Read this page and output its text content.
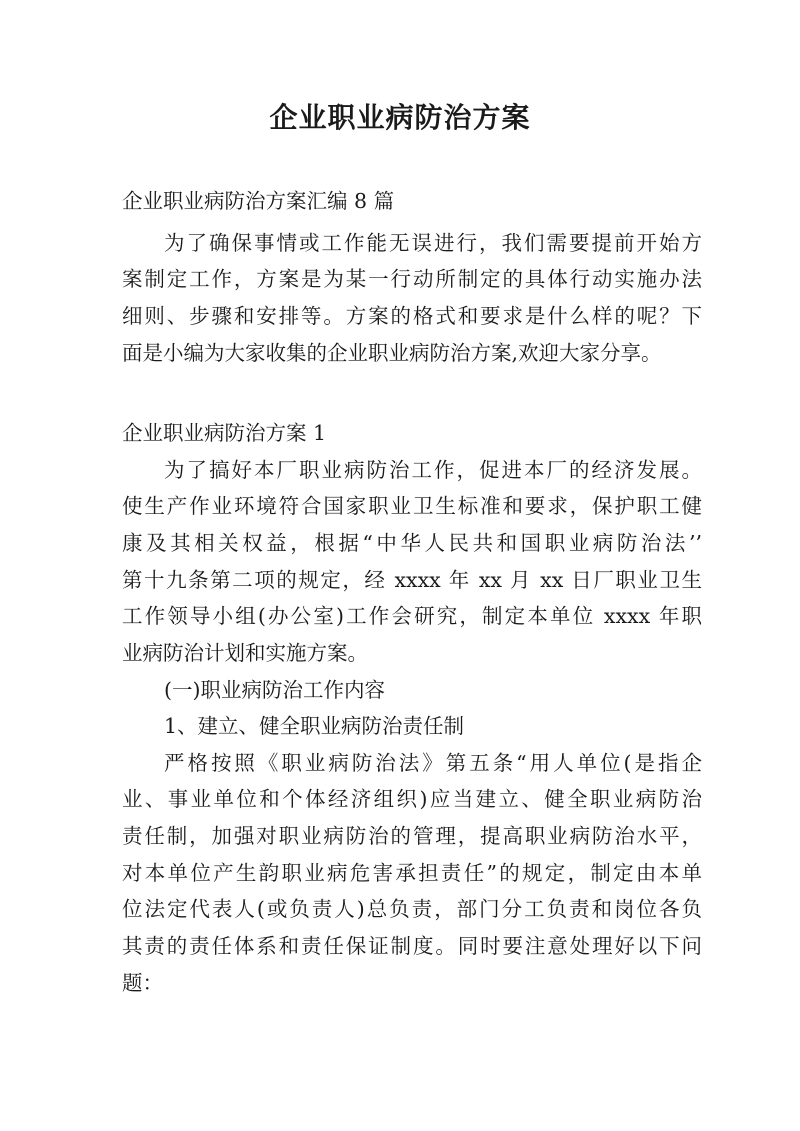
企业职业病防治方案

企业职业病防治方案汇编 8 篇

为了确保事情或工作能无误进行，我们需要提前开始方

案制定工作，方案是为某一行动所制定的具体行动实施办法

细则、步骤和安排等。方案的格式和要求是什么样的呢？下

面是小编为大家收集的企业职业病防治方案,欢迎大家分享。

企业职业病防治方案 1

为了搞好本厂职业病防治工作，促进本厂的经济发展。

使生产作业环境符合国家职业卫生标准和要求，保护职工健

康及其相关权益，根据“中华人民共和国职业病防治法’’

第十九条第二项的规定，经 xxxx 年 xx 月 xx 日厂职业卫生

工作领导小组(办公室)工作会研究，制定本单位 xxxx 年职

业病防治计划和实施方案。

(一)职业病防治工作内容

1、建立、健全职业病防治责任制

严格按照《职业病防治法》第五条“用人单位(是指企

业、事业单位和个体经济组织)应当建立、健全职业病防治

责任制，加强对职业病防治的管理，提高职业病防治水平，

对本单位产生韵职业病危害承担责任”的规定，制定由本单

位法定代表人(或负责人)总负责，部门分工负责和岗位各负

其责的责任体系和责任保证制度。同时要注意处理好以下问

题：
